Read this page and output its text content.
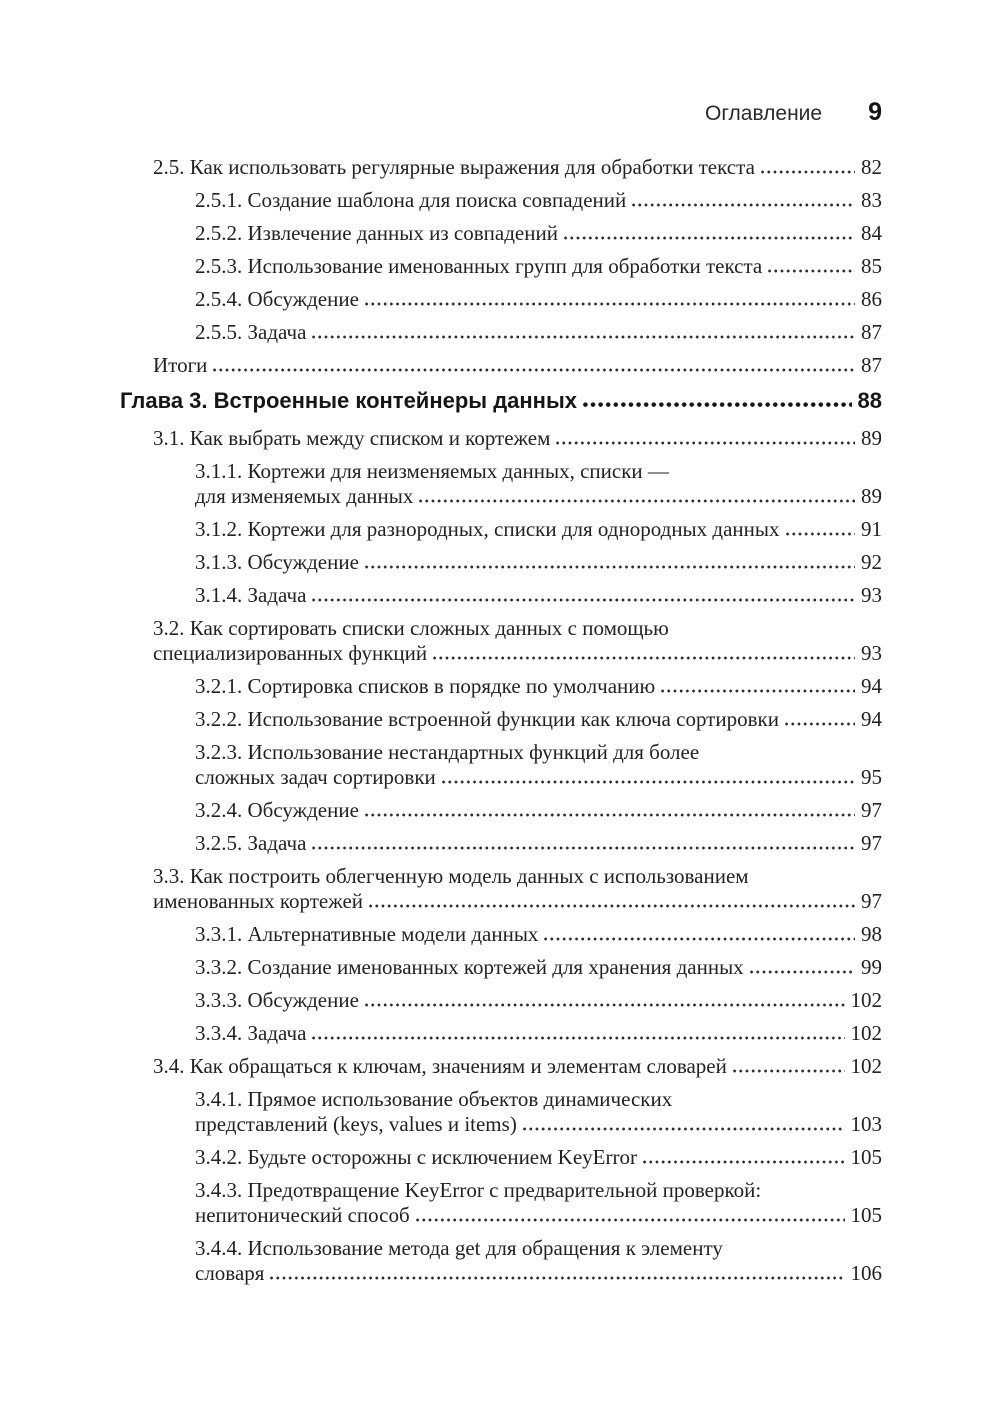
Оглавление 9
2.5. Как использовать регулярные выражения для обработки текста	82
2.5.1. Создание шаблона для поиска совпадений	83
2.5.2. Извлечение данных из совпадений	84
2.5.3. Использование именованных групп для обработки текста	85
2.5.4. Обсуждение	86
2.5.5. Задача	87
Итоги	87
Глава 3. Встроенные контейнеры данных	88
3.1. Как выбрать между списком и кортежем	89
3.1.1. Кортежи для неизменяемых данных, списки —
для изменяемых данных	89
3.1.2. Кортежи для разнородных, списки для однородных данных	91
3.1.3. Обсуждение	92
3.1.4. Задача	93
3.2. Как сортировать списки сложных данных с помощью
специализированных функций	93
3.2.1. Сортировка списков в порядке по умолчанию	94
3.2.2. Использование встроенной функции как ключа сортировки	94
3.2.3. Использование нестандартных функций для более
сложных задач сортировки	95
3.2.4. Обсуждение	97
3.2.5. Задача	97
3.3. Как построить облегченную модель данных с использованием
именованных кортежей	97
3.3.1. Альтернативные модели данных	98
3.3.2. Создание именованных кортежей для хранения данных	99
3.3.3. Обсуждение	102
3.3.4. Задача	102
3.4. Как обращаться к ключам, значениям и элементам словарей	102
3.4.1. Прямое использование объектов динамических
представлений (keys, values и items)	103
3.4.2. Будьте осторожны с исключением KeyError	105
3.4.3. Предотвращение KeyError с предварительной проверкой:
непитонический способ	105
3.4.4. Использование метода get для обращения к элементу
словаря	106
